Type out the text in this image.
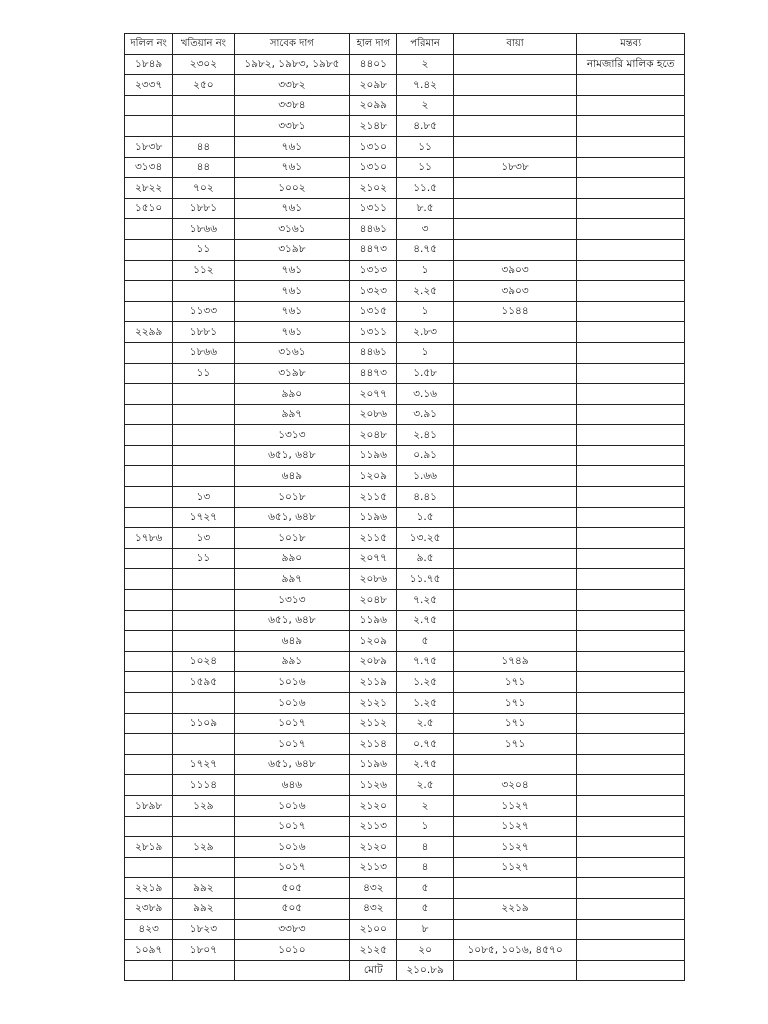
দলিল নং	খতিয়ান নং	সাবেক দাগ	হাল দাগ	পরিমান	বায়া	মন্তব্য
১৮৪৯	২৩০২	১৯৮২, ১৯৮৩, ১৯৮৫	৪৪০১	২		নামজারি মালিক হতে
২৩৩৭	২৫০	৩৩৮২	২০৯৮	৭.৪২		
		৩৩৮৪	২০৯৯	২		
		৩৩৮১	২১৪৮	৪.৮৫		
১৮৩৮	৪৪	৭৬১	১৩১০	১১		
৩১৩৪	৪৪	৭৬১	১৩১০	১১	১৮৩৮	
২৮২২	৭০২	১০০২	২১০২	১১.৫		
১৫১০	১৮৮১	৭৬১	১৩১১	৮.৫		
	১৮৬৬	৩১৬১	৪৪৬১	৩		
	১১	৩১৯৮	৪৪৭৩	৪.৭৫		
	১১২	৭৬১	১৩১৩	১	৩৯০৩	
		৭৬১	১৩২৩	২.২৫	৩৯০৩	
	১১৩৩	৭৬১	১৩১৫	১	১১৪৪	
২২৯৯	১৮৮১	৭৬১	১৩১১	২.৮৩		
	১৮৬৬	৩১৬১	৪৪৬১	১		
	১১	৩১৯৮	৪৪৭৩	১.৫৮		
		৯৯০	২০৭৭	৩.১৬		
		৯৯৭	২০৮৬	৩.৯১		
		১৩১৩	২০৪৮	২.৪১		
		৬৫১, ৬৪৮	১১৯৬	০.৯১		
		৬৪৯	১২০৯	১.৬৬		
	১৩	১০১৮	২১১৫	৪.৪১		
	১৭২৭	৬৫১, ৬৪৮	১১৯৬	১.৫		
১৭৮৬	১৩	১০১৮	২১১৫	১৩.২৫		
	১১	৯৯০	২০৭৭	৯.৫		
		৯৯৭	২০৮৬	১১.৭৫		
		১৩১৩	২০৪৮	৭.২৫		
		৬৫১, ৬৪৮	১১৯৬	২.৭৫		
		৬৪৯	১২০৯	৫		
	১০২৪	৯৯১	২০৮৯	৭.৭৫	১৭৪৯	
	১৫৯৫	১০১৬	২১১৯	১.২৫	১৭১	
		১০১৬	২১২১	১.২৫	১৭১	
	১১০৯	১০১৭	২১১২	২.৫	১৭১	
		১০১৭	২১১৪	০.৭৫	১৭১	
	১৭২৭	৬৫১, ৬৪৮	১১৯৬	২.৭৫		
	১১১৪	৬৪৬	১১২৬	২.৫	৩২০৪	
১৮৯৮	১২৯	১০১৬	২১২০	২	১১২৭	
		১০১৭	২১১৩	১	১১২৭	
২৮১৯	১২৯	১০১৬	২১২০	৪	১১২৭	
		১০১৭	২১১৩	৪	১১২৭	
২২১৯	৯৯২	৫০৫	৪৩২	৫		
২৩৮৯	৯৯২	৫০৫	৪৩২	৫	২২১৯	
৪২৩	১৮২৩	৩৩৮৩	২১০০	৮		
১০৯৭	১৮০৭	১০১০	২১২৫	২০	১০৮৫, ১০১৬, ৪৫৭০	
			মোট	২১০.৮৯		
